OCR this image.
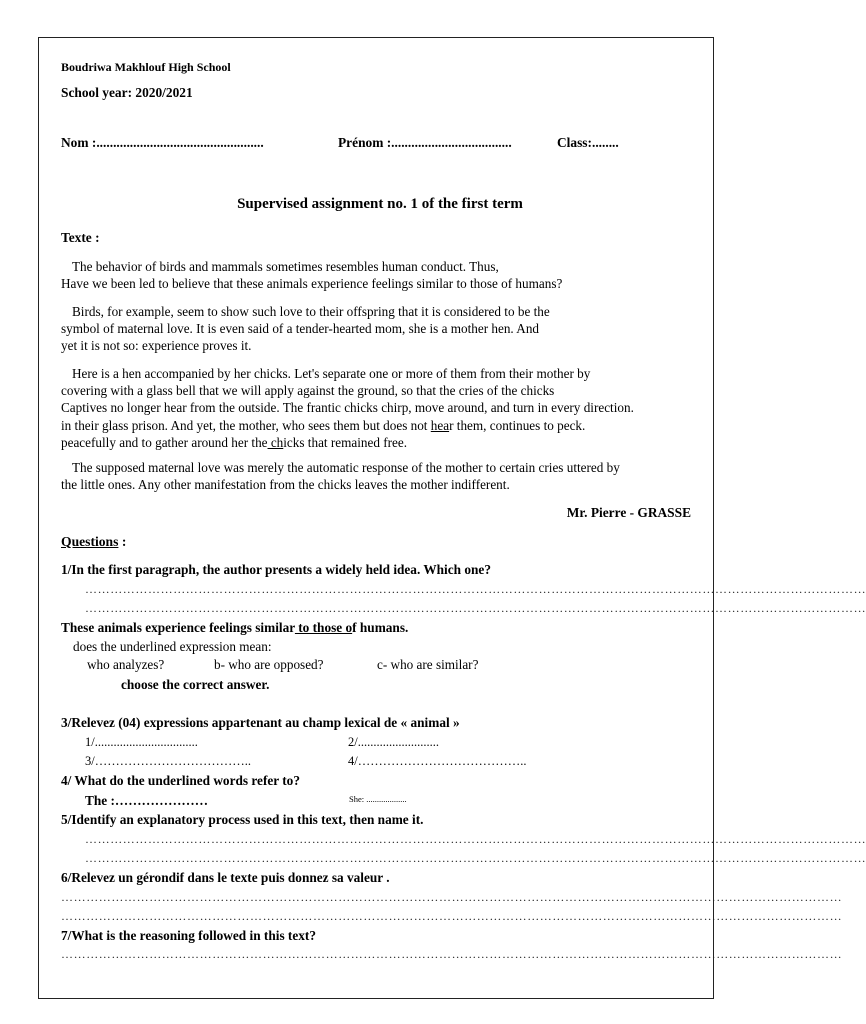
Boudriwa Makhlouf High School
School year: 2020/2021
Nom :..................................................	Prénom :....................................	Class:........
Supervised assignment no. 1 of the first term
Texte :
The behavior of birds and mammals sometimes resembles human conduct. Thus,
Have we been led to believe that these animals experience feelings similar to those of humans?
Birds, for example, seem to show such love to their offspring that it is considered to be the
symbol of maternal love. It is even said of a tender-hearted mom, she is a mother hen. And
yet it is not so: experience proves it.
Here is a hen accompanied by her chicks. Let's separate one or more of them from their mother by
covering with a glass bell that we will apply against the ground, so that the cries of the chicks
Captives no longer hear from the outside. The frantic chicks chirp, move around, and turn in every direction.
in their glass prison. And yet, the mother, who sees them but does not hear them, continues to peck.
peacefully and to gather around her the chicks that remained free.
The supposed maternal love was merely the automatic response of the mother to certain cries uttered by
the little ones. Any other manifestation from the chicks leaves the mother indifferent.
Mr. Pierre - GRASSE
Questions :
1/In the first paragraph, the author presents a widely held idea. Which one?
……………………………………………………………………………………………………………………………………………………………………
……………………………………………………………………………………………………………………………………………………………………
These animals experience feelings similar to those of humans.
does the underlined expression mean:
who analyzes?	b- who are opposed?	c- who are similar?
choose the correct answer.
3/Relevez (04) expressions appartenant au champ lexical de « animal »
1/.................................	2/..........................
3/………………………………..	4/…………………………………..
4/ What do the underlined words refer to?
The :…………………	She: ...................
5/Identify an explanatory process used in this text, then name it.
……………………………………………………………………………………………………………………………………………………………………
……………………………………………………………………………………………………………………………………………………………………
6/Relevez un gérondif dans le texte puis donnez sa valeur .
……………………………………………………………………………………………………………………………………………………………………
……………………………………………………………………………………………………………………………………………………………………
7/What is the reasoning followed in this text?
……………………………………………………………………………………………………………………………………………………………………
